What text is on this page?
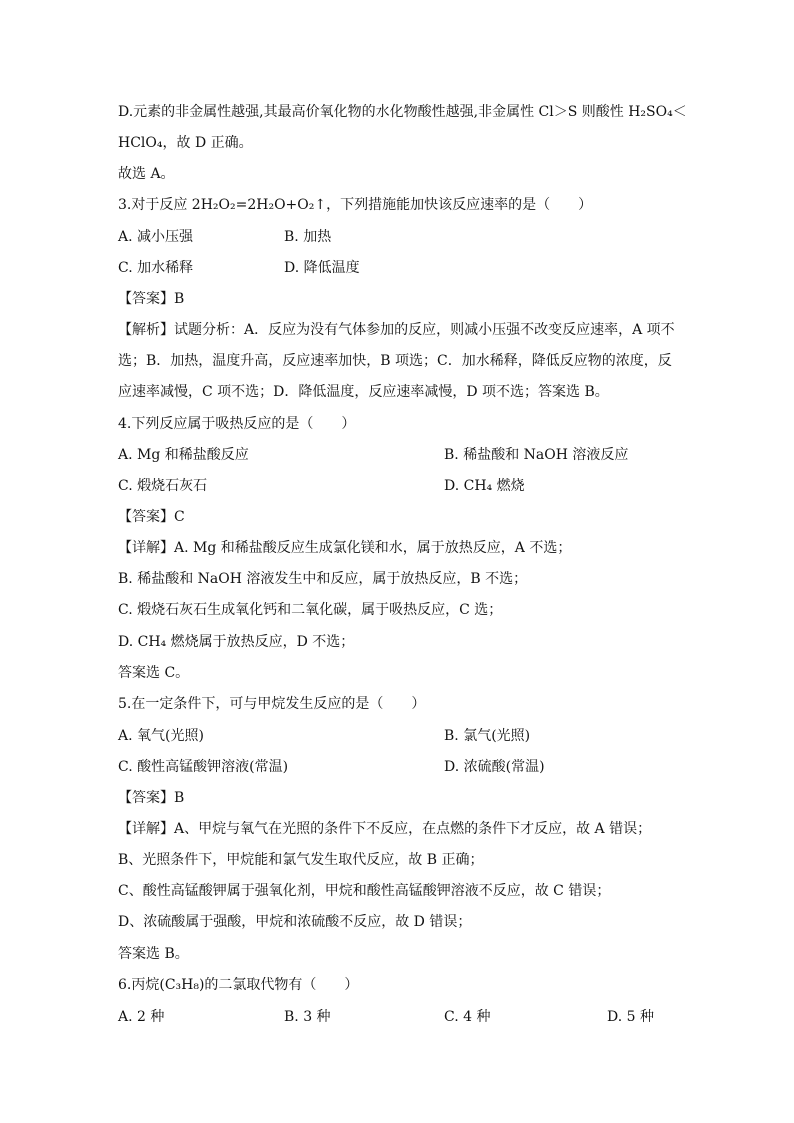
D.元素的非金属性越强,其最高价氧化物的水化物酸性越强,非金属性 Cl＞S 则酸性 H₂SO₄＜
HClO₄，故 D 正确。
故选 A。
3.对于反应 2H₂O₂=2H₂O+O₂↑，下列措施能加快该反应速率的是（　　）
A. 减小压强	B. 加热
C. 加水稀释	D. 降低温度
【答案】B
【解析】试题分析：A．反应为没有气体参加的反应，则减小压强不改变反应速率，A 项不
选；B．加热，温度升高，反应速率加快，B 项选；C．加水稀释，降低反应物的浓度，反
应速率减慢，C 项不选；D．降低温度，反应速率减慢，D 项不选；答案选 B。
4.下列反应属于吸热反应的是（　　）
A. Mg 和稀盐酸反应	B. 稀盐酸和 NaOH 溶液反应
C. 煅烧石灰石	D. CH₄ 燃烧
【答案】C
【详解】A. Mg 和稀盐酸反应生成氯化镁和水，属于放热反应，A 不选；
B. 稀盐酸和 NaOH 溶液发生中和反应，属于放热反应，B 不选；
C. 煅烧石灰石生成氧化钙和二氧化碳，属于吸热反应，C 选；
D. CH₄ 燃烧属于放热反应，D 不选；
答案选 C。
5.在一定条件下，可与甲烷发生反应的是（　　）
A. 氧气(光照)	B. 氯气(光照)
C. 酸性高锰酸钾溶液(常温)	D. 浓硫酸(常温)
【答案】B
【详解】A、甲烷与氧气在光照的条件下不反应，在点燃的条件下才反应，故 A 错误；
B、光照条件下，甲烷能和氯气发生取代反应，故 B 正确；
C、酸性高锰酸钾属于强氧化剂，甲烷和酸性高锰酸钾溶液不反应，故 C 错误；
D、浓硫酸属于强酸，甲烷和浓硫酸不反应，故 D 错误；
答案选 B。
6.丙烷(C₃H₈)的二氯取代物有（　　）
A. 2 种	B. 3 种	C. 4 种	D. 5 种
